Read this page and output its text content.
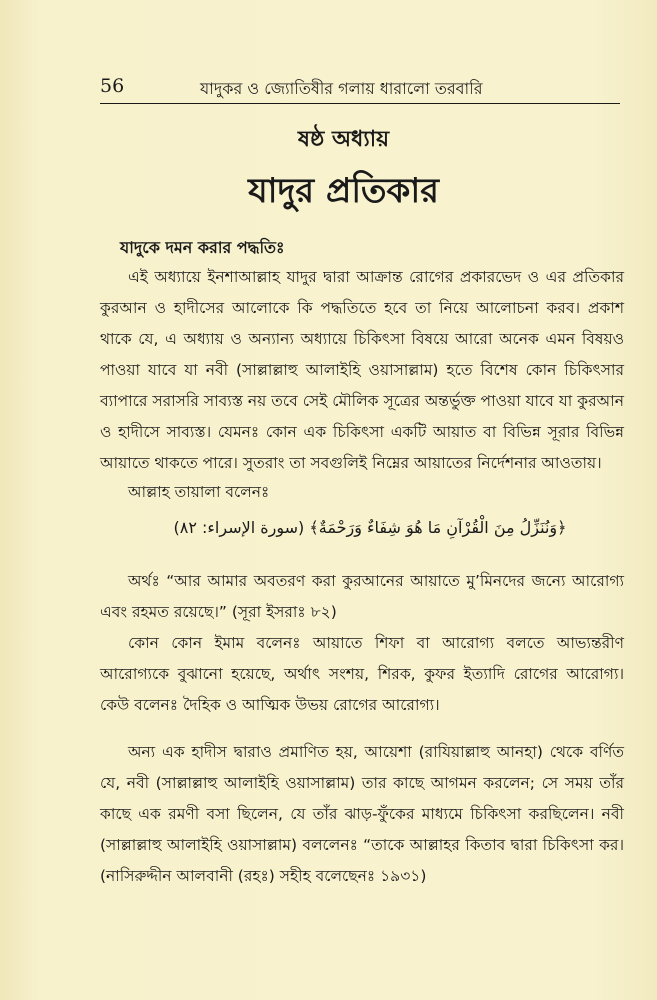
56	যাদুকর ও জ্যোতিষীর গলায় ধারালো তরবারি
ষষ্ঠ অধ্যায়
যাদুর প্রতিকার
যাদুকে দমন করার পদ্ধতিঃ

এই অধ্যায়ে ইনশাআল্লাহ যাদুর দ্বারা আক্রান্ত রোগের প্রকারভেদ ও এর প্রতিকার কুরআন ও হাদীসের আলোকে কি পদ্ধতিতে হবে তা নিয়ে আলোচনা করব। প্রকাশ থাকে যে, এ অধ্যায় ও অন্যান্য অধ্যায়ে চিকিৎসা বিষয়ে আরো অনেক এমন বিষয়ও পাওয়া যাবে যা নবী (সাল্লাল্লাহু আলাইহি ওয়াসাল্লাম) হতে বিশেষ কোন চিকিৎসার ব্যাপারে সরাসরি সাব্যস্ত নয় তবে সেই মৌলিক সূত্রের অন্তর্ভুক্ত পাওয়া যাবে যা কুরআন ও হাদীসে সাব্যস্ত। যেমনঃ কোন এক চিকিৎসা একটি আয়াত বা বিভিন্ন সূরার বিভিন্ন আয়াতে থাকতে পারে। সুতরাং তা সবগুলিই নিম্নের আয়াতের নির্দেশনার আওতায়।

আল্লাহ তায়ালা বলেনঃ
﴿وَنُنَزِّلُ مِنَ الْقُرْآنِ مَا هُوَ شِفَاءٌ وَرَحْمَةٌ﴾ (سورة الإسراء: ٨٢)

অর্থঃ “আর আমার অবতরণ করা কুরআনের আয়াতে মু’মিনদের জন্যে আরোগ্য এবং রহমত রয়েছে।” (সূরা ইসরাঃ ৮২)

কোন কোন ইমাম বলেনঃ আয়াতে শিফা বা আরোগ্য বলতে আভ্যন্তরীণ আরোগ্যকে বুঝানো হয়েছে, অর্থাৎ সংশয়, শিরক, কুফর ইত্যাদি রোগের আরোগ্য। কেউ বলেনঃ দৈহিক ও আত্মিক উভয় রোগের আরোগ্য।

অন্য এক হাদীস দ্বারাও প্রমাণিত হয়, আয়েশা (রাযিয়াল্লাহু আনহা) থেকে বর্ণিত যে, নবী (সাল্লাল্লাহু আলাইহি ওয়াসাল্লাম) তার কাছে আগমন করলেন; সে সময় তাঁর কাছে এক রমণী বসা ছিলেন, যে তাঁর ঝাড়-ফুঁকের মাধ্যমে চিকিৎসা করছিলেন। নবী (সাল্লাল্লাহু আলাইহি ওয়াসাল্লাম) বললেনঃ “তাকে আল্লাহর কিতাব দ্বারা চিকিৎসা কর। (নাসিরুদ্দীন আলবানী (রহঃ) সহীহ বলেছেনঃ ১৯৩১)
